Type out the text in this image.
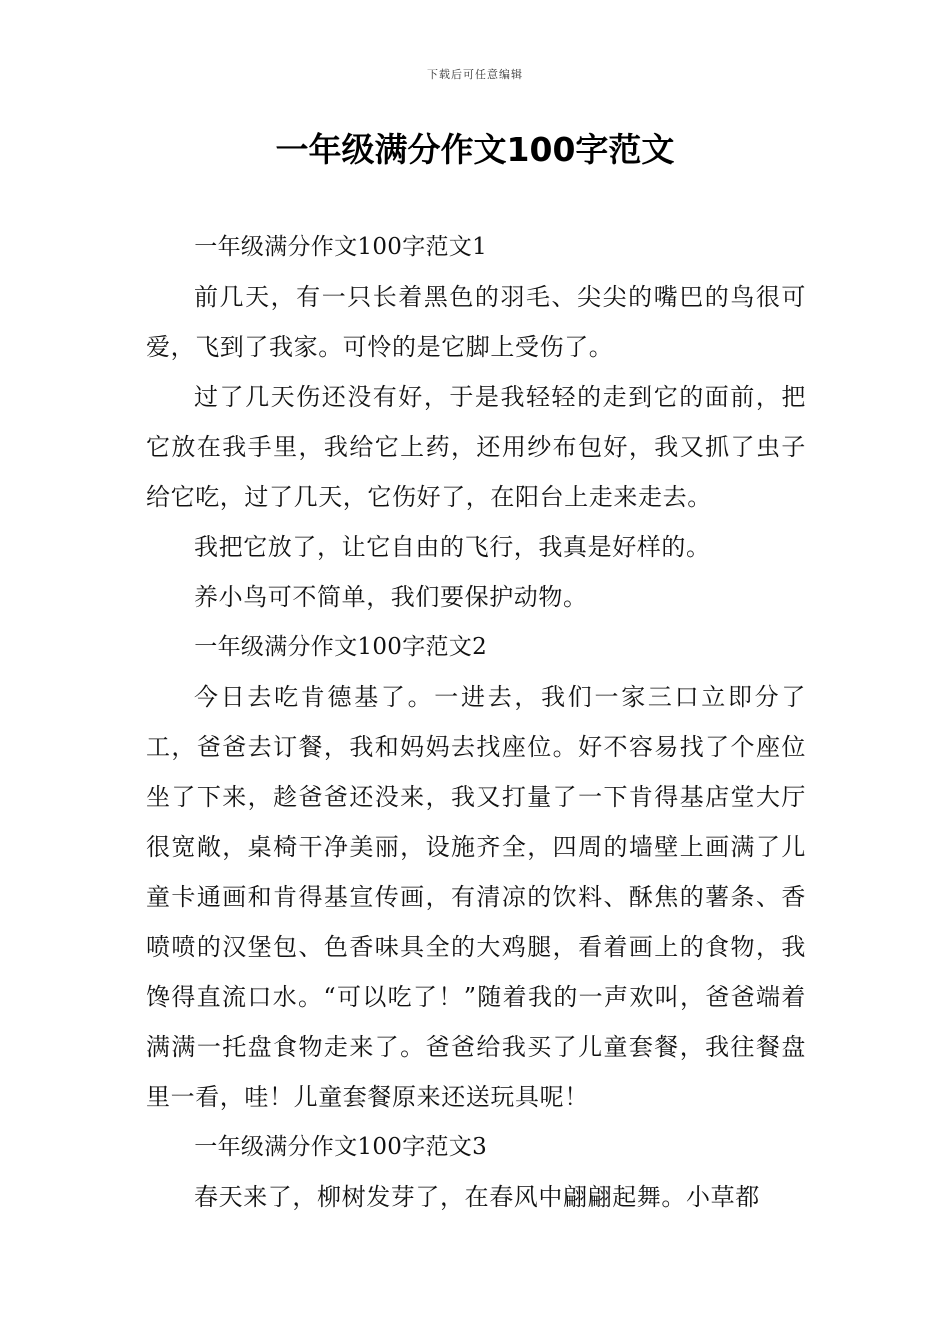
下载后可任意编辑
一年级满分作文100字范文

一年级满分作文100字范文1

前几天，有一只长着黑色的羽毛、尖尖的嘴巴的鸟很可爱，飞到了我家。可怜的是它脚上受伤了。

过了几天伤还没有好，于是我轻轻的走到它的面前，把它放在我手里，我给它上药，还用纱布包好，我又抓了虫子给它吃，过了几天，它伤好了，在阳台上走来走去。

我把它放了，让它自由的飞行，我真是好样的。

养小鸟可不简单，我们要保护动物。

一年级满分作文100字范文2

今日去吃肯德基了。一进去，我们一家三口立即分了工，爸爸去订餐，我和妈妈去找座位。好不容易找了个座位坐了下来，趁爸爸还没来，我又打量了一下肯得基店堂大厅很宽敞，桌椅干净美丽，设施齐全，四周的墙壁上画满了儿童卡通画和肯得基宣传画，有清凉的饮料、酥焦的薯条、香喷喷的汉堡包、色香味具全的大鸡腿，看着画上的食物，我馋得直流口水。“可以吃了！”随着我的一声欢叫，爸爸端着满满一托盘食物走来了。爸爸给我买了儿童套餐，我往餐盘里一看，哇！儿童套餐原来还送玩具呢！

一年级满分作文100字范文3

春天来了，柳树发芽了，在春风中翩翩起舞。小草都
